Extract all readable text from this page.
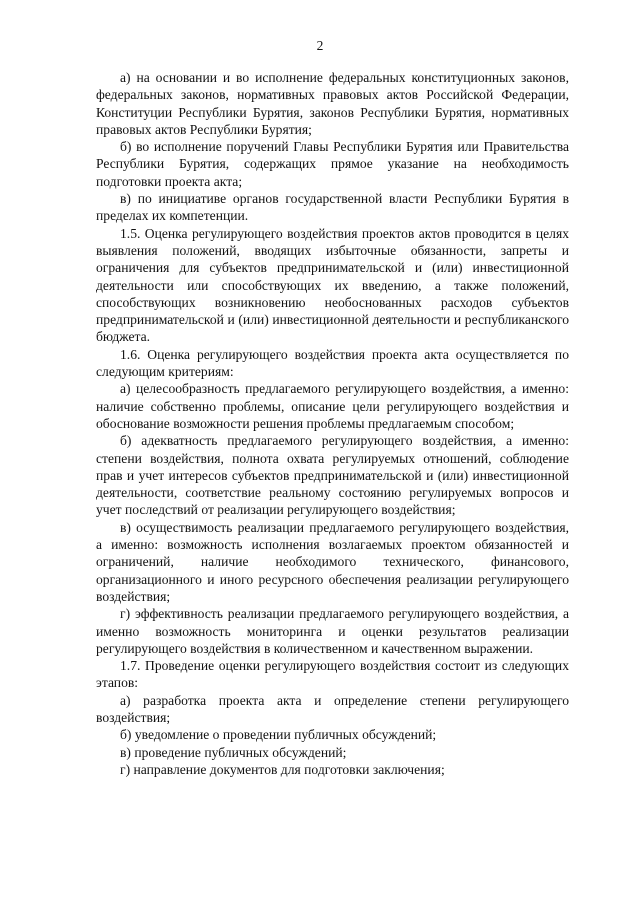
2

а) на основании и во исполнение федеральных конституционных законов, федеральных законов, нормативных правовых актов Российской Федерации, Конституции Республики Бурятия, законов Республики Бурятия, нормативных правовых актов Республики Бурятия;

б) во исполнение поручений Главы Республики Бурятия или Правительства Республики Бурятия, содержащих прямое указание на необходимость подготовки проекта акта;

в) по инициативе органов государственной власти Республики Бурятия в пределах их компетенции.

1.5. Оценка регулирующего воздействия проектов актов проводится в целях выявления положений, вводящих избыточные обязанности, запреты и ограничения для субъектов предпринимательской и (или) инвестиционной деятельности или способствующих их введению, а также положений, способствующих возникновению необоснованных расходов субъектов предпринимательской и (или) инвестиционной деятельности и республиканского бюджета.

1.6. Оценка регулирующего воздействия проекта акта осуществляется по следующим критериям:

а) целесообразность предлагаемого регулирующего воздействия, а именно: наличие собственно проблемы, описание цели регулирующего воздействия и обоснование возможности решения проблемы предлагаемым способом;

б) адекватность предлагаемого регулирующего воздействия, а именно: степени воздействия, полнота охвата регулируемых отношений, соблюдение прав и учет интересов субъектов предпринимательской и (или) инвестиционной деятельности, соответствие реальному состоянию регулируемых вопросов и учет последствий от реализации регулирующего воздействия;

в) осуществимость реализации предлагаемого регулирующего воздействия, а именно: возможность исполнения возлагаемых проектом обязанностей и ограничений, наличие необходимого технического, финансового, организационного и иного ресурсного обеспечения реализации регулирующего воздействия;

г) эффективность реализации предлагаемого регулирующего воздействия, а именно возможность мониторинга и оценки результатов реализации регулирующего воздействия в количественном и качественном выражении.

1.7. Проведение оценки регулирующего воздействия состоит из следующих этапов:

а) разработка проекта акта и определение степени регулирующего воздействия;

б) уведомление о проведении публичных обсуждений;

в) проведение публичных обсуждений;

г) направление документов для подготовки заключения;
